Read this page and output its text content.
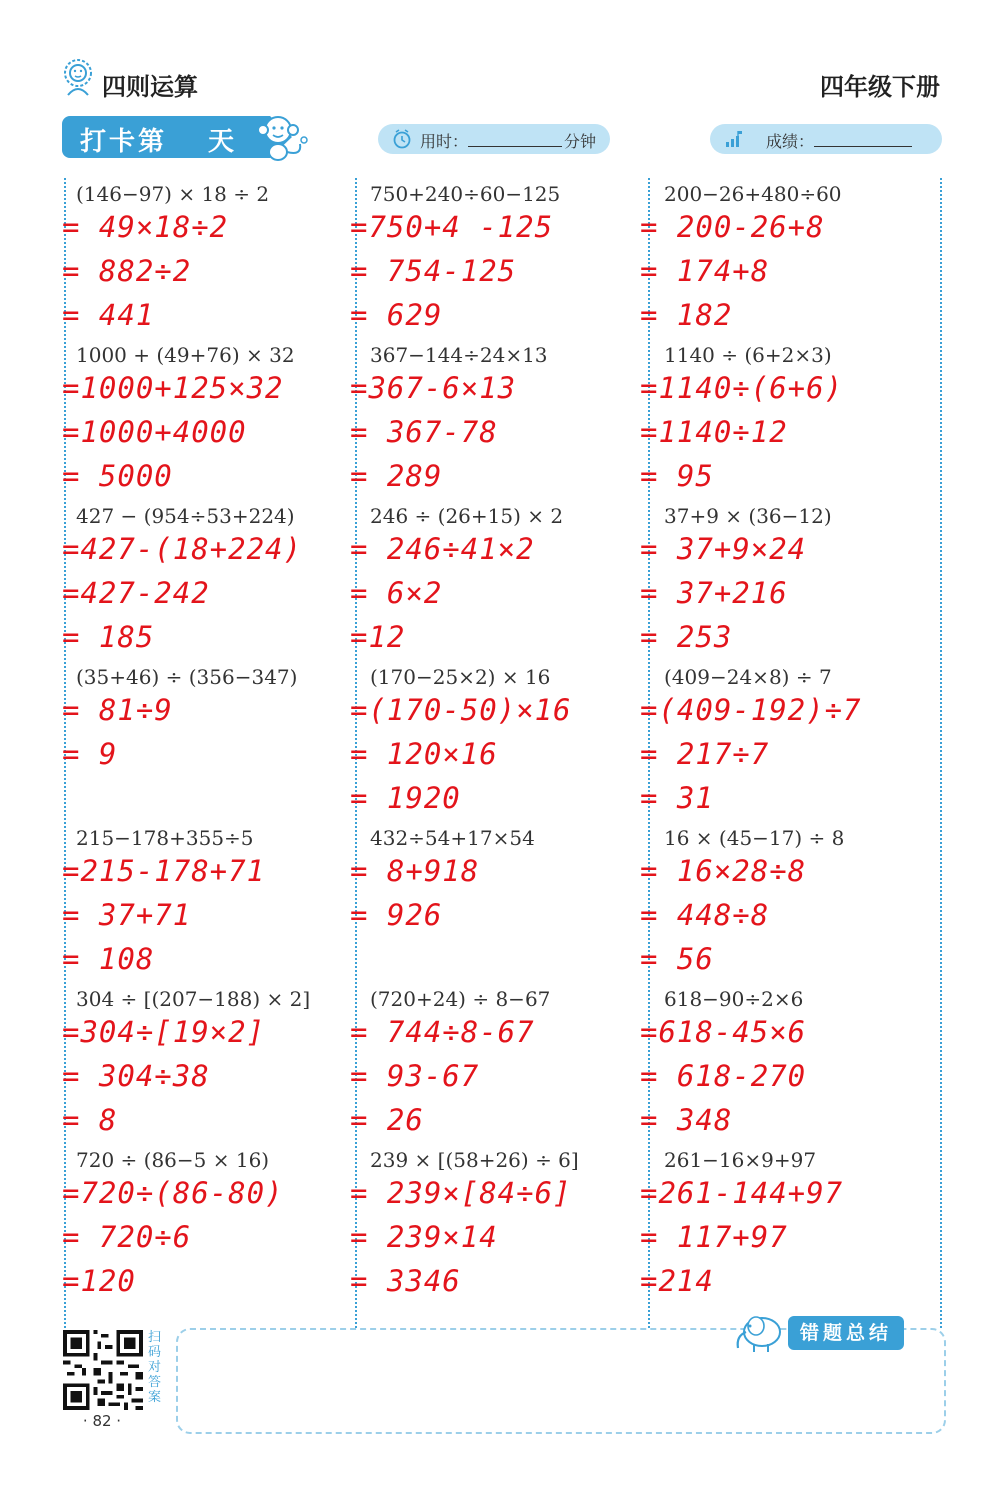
四则运算	四年级下册
打卡第 天	用时：	分钟	成绩：
(146−97) × 18 ÷ 2
= 49×18÷2
= 882÷2
= 441
1000 + (49+76) × 32
=1000+125×32
=1000+4000
= 5000
427 − (954÷53+224)
=427-(18+224)
=427-242
= 185
(35+46) ÷ (356−347)
= 81÷9
= 9
215−178+355÷5
=215-178+71
= 37+71
= 108
304 ÷ [(207−188) × 2]
=304÷[19×2]
= 304÷38
= 8
720 ÷ (86−5 × 16)
=720÷(86-80)
= 720÷6
=120
750+240÷60−125
=750+4 -125
= 754-125
= 629
367−144÷24×13
=367-6×13
= 367-78
= 289
246 ÷ (26+15) × 2
= 246÷41×2
= 6×2
=12
(170−25×2) × 16
=(170-50)×16
= 120×16
= 1920
432÷54+17×54
= 8+918
= 926
(720+24) ÷ 8−67
= 744÷8-67
= 93-67
= 26
239 × [(58+26) ÷ 6]
= 239×[84÷6]
= 239×14
= 3346
200−26+480÷60
= 200-26+8
= 174+8
= 182
1140 ÷ (6+2×3)
=1140÷(6+6)
=1140÷12
= 95
37+9 × (36−12)
= 37+9×24
= 37+216
= 253
(409−24×8) ÷ 7
=(409-192)÷7
= 217÷7
= 31
16 × (45−17) ÷ 8
= 16×28÷8
= 448÷8
= 56
618−90÷2×6
=618-45×6
= 618-270
= 348
261−16×9+97
=261-144+97
= 117+97
=214
错题总结
扫码对答案
· 82 ·
